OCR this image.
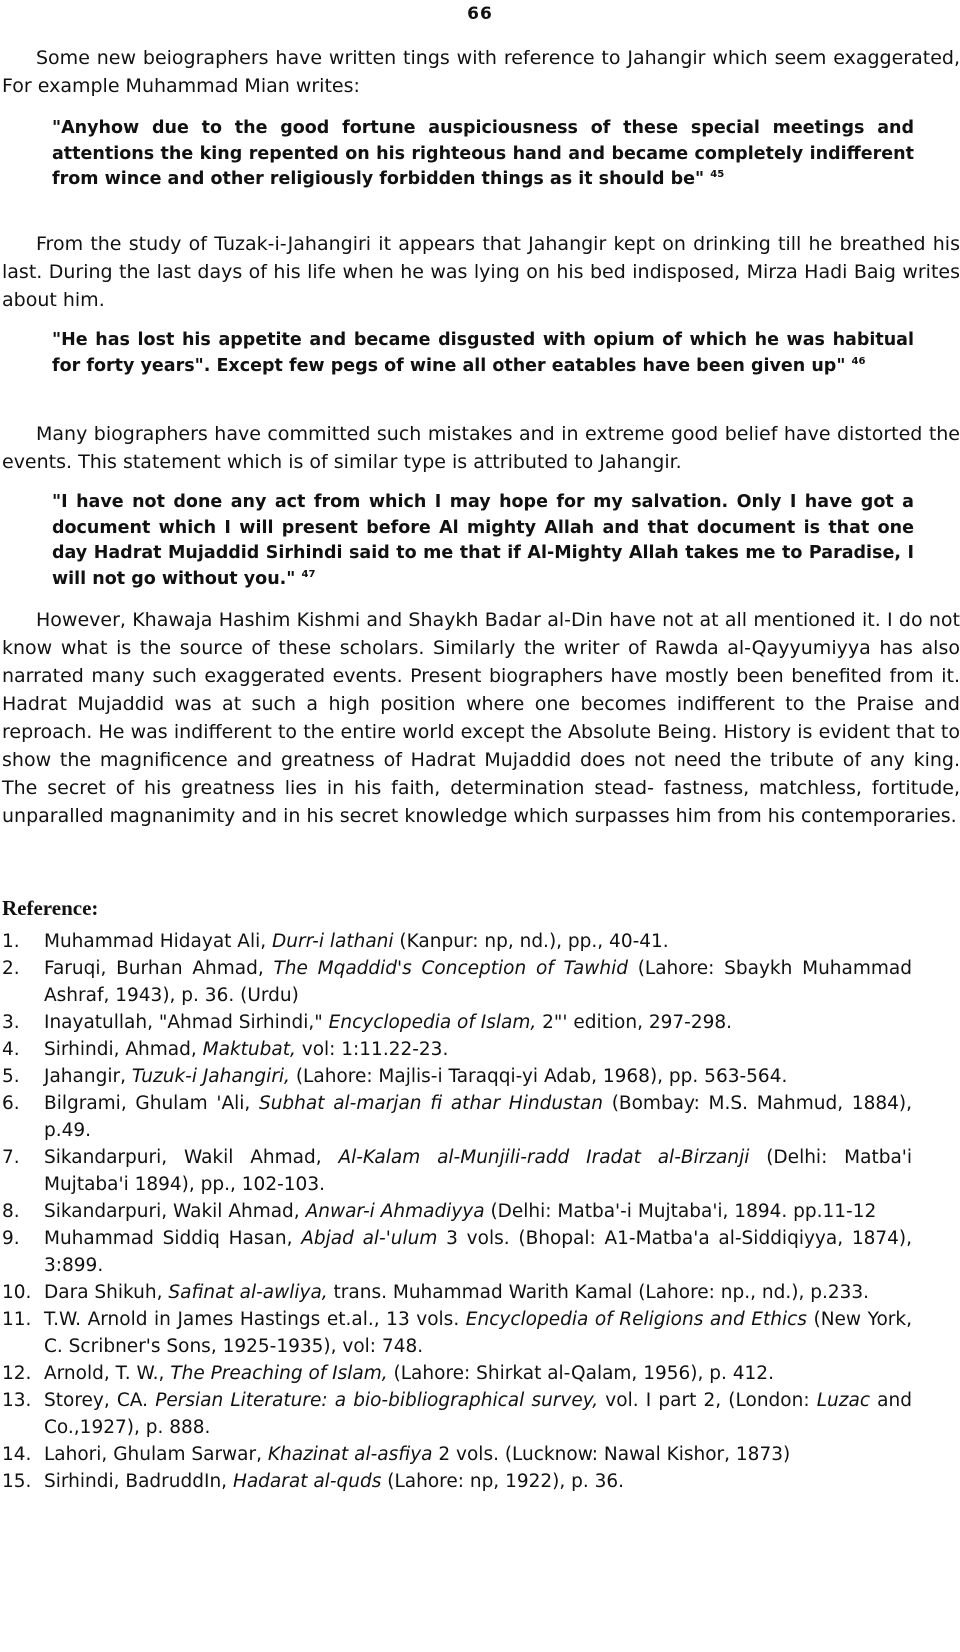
66

Some new beiographers have written tings with reference to Jahangir which seem exaggerated, For example Muhammad Mian writes:

"Anyhow due to the good fortune auspiciousness of these special meetings and attentions the king repented on his righteous hand and became completely indifferent from wince and other religiously forbidden things as it should be" $^{45}$

From the study of Tuzak-i-Jahangiri it appears that Jahangir kept on drinking till he breathed his last. During the last days of his life when he was lying on his bed indisposed, Mirza Hadi Baig writes about him.

"He has lost his appetite and became disgusted with opium of which he was habitual for forty years". Except few pegs of wine all other eatables have been given up" $^{46}$

Many biographers have committed such mistakes and in extreme good belief have distorted the events. This statement which is of similar type is attributed to Jahangir.

"I have not done any act from which I may hope for my salvation. Only I have got a document which I will present before Al mighty Allah and that document is that one day Hadrat Mujaddid Sirhindi said to me that if Al-Mighty Allah takes me to Paradise, I will not go without you." $^{47}$

However, Khawaja Hashim Kishmi and Shaykh Badar al-Din have not at all mentioned it. I do not know what is the source of these scholars. Similarly the writer of Rawda al-Qayyumiyya has also narrated many such exaggerated events. Present biographers have mostly been benefited from it. Hadrat Mujaddid was at such a high position where one becomes indifferent to the Praise and reproach. He was indifferent to the entire world except the Absolute Being. History is evident that to show the magnificence and greatness of Hadrat Mujaddid does not need the tribute of any king. The secret of his greatness lies in his faith, determination stead- fastness, matchless, fortitude, unparalled magnanimity and in his secret knowledge which surpasses him from his contemporaries.

Reference:
1. Muhammad Hidayat Ali, Durr-i lathani (Kanpur: np, nd.), pp., 40-41.
2. Faruqi, Burhan Ahmad, The Mqaddid's Conception of Tawhid (Lahore: Sbaykh Muhammad Ashraf, 1943), p. 36. (Urdu)
3. Inayatullah, "Ahmad Sirhindi," Encyclopedia of Islam, 2"' edition, 297-298.
4. Sirhindi, Ahmad, Maktubat, vol: 1:11.22-23.
5. Jahangir, Tuzuk-i Jahangiri, (Lahore: Majlis-i Taraqqi-yi Adab, 1968), pp. 563-564.
6. Bilgrami, Ghulam 'Ali, Subhat al-marjan fi athar Hindustan (Bombay: M.S. Mahmud, 1884), p.49.
7. Sikandarpuri, Wakil Ahmad, Al-Kalam al-Munjili-radd Iradat al-Birzanji (Delhi: Matba'i Mujtaba'i 1894), pp., 102-103.
8. Sikandarpuri, Wakil Ahmad, Anwar-i Ahmadiyya (Delhi: Matba'-i Mujtaba'i, 1894. pp.11-12
9. Muhammad Siddiq Hasan, Abjad al-'ulum 3 vols. (Bhopal: A1-Matba'a al-Siddiqiyya, 1874), 3:899.
10. Dara Shikuh, Safinat al-awliya, trans. Muhammad Warith Kamal (Lahore: np., nd.), p.233.
11. T.W. Arnold in James Hastings et.al., 13 vols. Encyclopedia of Religions and Ethics (New York, C. Scribner's Sons, 1925-1935), vol: 748.
12. Arnold, T. W., The Preaching of Islam, (Lahore: Shirkat al-Qalam, 1956), p. 412.
13. Storey, CA. Persian Literature: a bio-bibliographical survey, vol. I part 2, (London: Luzac and Co.,1927), p. 888.
14. Lahori, Ghulam Sarwar, Khazinat al-asfiya 2 vols. (Lucknow: Nawal Kishor, 1873)
15. Sirhindi, BadruddIn, Hadarat al-quds (Lahore: np, 1922), p. 36.
